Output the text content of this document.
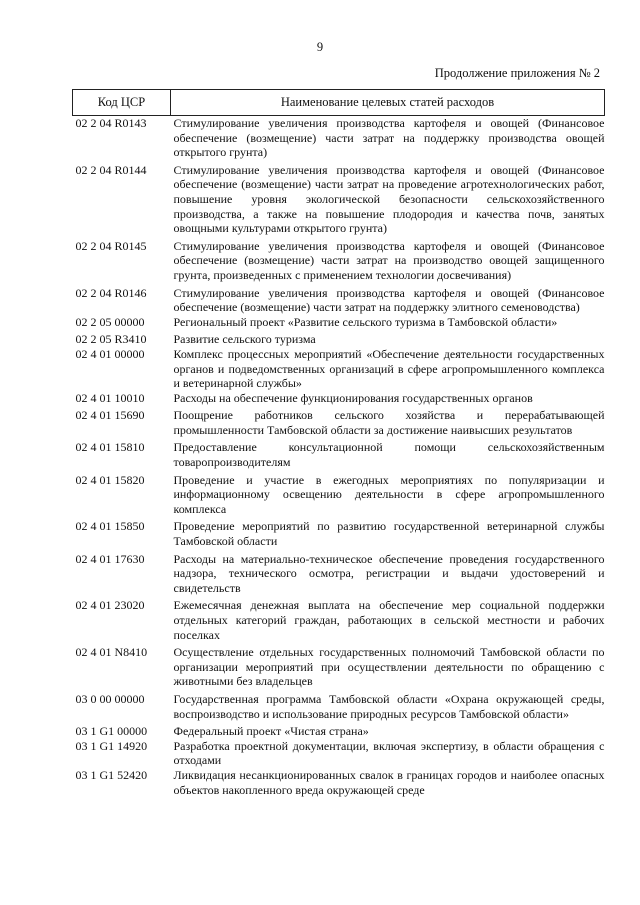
9
Продолжение приложения № 2
Код ЦСР	Наименование целевых статей расходов
02 2 04 R0143	Стимулирование увеличения производства картофеля и овощей (Финансовое обеспечение (возмещение) части затрат на поддержку производства овощей открытого грунта)
02 2 04 R0144	Стимулирование увеличения производства картофеля и овощей (Финансовое обеспечение (возмещение) части затрат на проведение агротехнологических работ, повышение уровня экологической безопасности сельскохозяйственного производства, а также на повышение плодородия и качества почв, занятых овощными культурами открытого грунта)
02 2 04 R0145	Стимулирование увеличения производства картофеля и овощей (Финансовое обеспечение (возмещение) части затрат на производство овощей защищенного грунта, произведенных с применением технологии досвечивания)
02 2 04 R0146	Стимулирование увеличения производства картофеля и овощей (Финансовое обеспечение (возмещение) части затрат на поддержку элитного семеноводства)
02 2 05 00000	Региональный проект «Развитие сельского туризма в Тамбовской области»
02 2 05 R3410	Развитие сельского туризма
02 4 01 00000	Комплекс процессных мероприятий «Обеспечение деятельности государственных органов и подведомственных организаций в сфере агропромышленного комплекса и ветеринарной службы»
02 4 01 10010	Расходы на обеспечение функционирования государственных органов
02 4 01 15690	Поощрение работников сельского хозяйства и перерабатывающей промышленности Тамбовской области за достижение наивысших результатов
02 4 01 15810	Предоставление консультационной помощи сельскохозяйственным товаропроизводителям
02 4 01 15820	Проведение и участие в ежегодных мероприятиях по популяризации и информационному освещению деятельности в сфере агропромышленного комплекса
02 4 01 15850	Проведение мероприятий по развитию государственной ветеринарной службы Тамбовской области
02 4 01 17630	Расходы на материально-техническое обеспечение проведения государственного надзора, технического осмотра, регистрации и выдачи удостоверений и свидетельств
02 4 01 23020	Ежемесячная денежная выплата на обеспечение мер социальной поддержки отдельных категорий граждан, работающих в сельской местности и рабочих поселках
02 4 01 N8410	Осуществление отдельных государственных полномочий Тамбовской области по организации мероприятий при осуществлении деятельности по обращению с животными без владельцев
03 0 00 00000	Государственная программа Тамбовской области «Охрана окружающей среды, воспроизводство и использование природных ресурсов Тамбовской области»
03 1 G1 00000	Федеральный проект «Чистая страна»
03 1 G1 14920	Разработка проектной документации, включая экспертизу, в области обращения с отходами
03 1 G1 52420	Ликвидация несанкционированных свалок в границах городов и наиболее опасных объектов накопленного вреда окружающей среде
